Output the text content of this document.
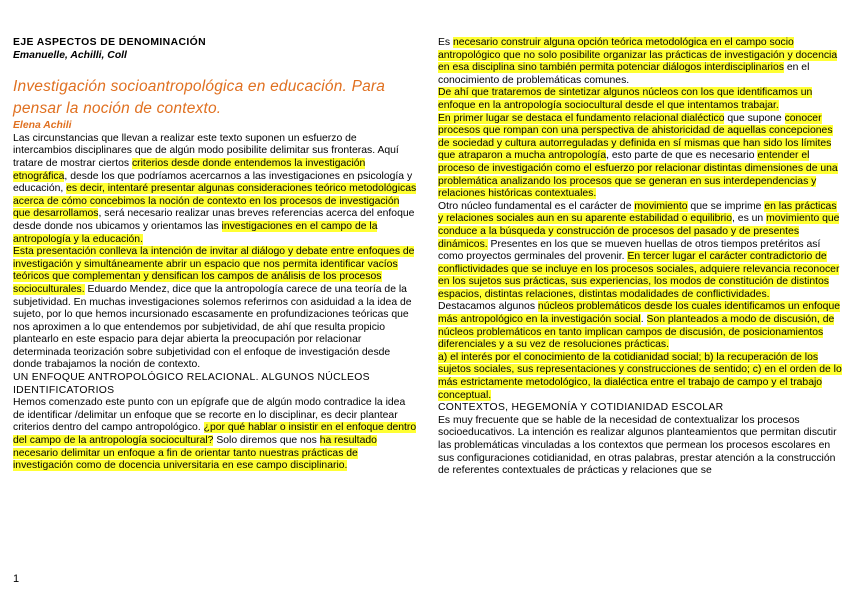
EJE ASPECTOS DE DENOMINACIÓN

Emanuelle, Achilli, Coll

Investigación socioantropológica en educación. Para pensar la noción de contexto.

Elena Achili

Las circunstancias que llevan a realizar este texto suponen un esfuerzo de intercambios disciplinares que de algún modo posibilite delimitar sus fronteras. Aquí tratare de mostrar ciertos criterios desde donde entendemos la investigación etnográfica, desde los que podríamos acercarnos a las investigaciones en psicología y educación, es decir, intentaré presentar algunas consideraciones teórico metodológicas acerca de cómo concebimos la noción de contexto en los procesos de investigación que desarrollamos, será necesario realizar unas breves referencias acerca del enfoque desde donde nos ubicamos y orientamos las investigaciones en el campo de la antropología y la educación.

Esta presentación conlleva la intención de invitar al diálogo y debate entre enfoques de investigación y simultáneamente abrir un espacio que nos permita identificar vacíos teóricos que complementan y densifican los campos de análisis de los procesos socioculturales. Eduardo Mendez, dice que la antropología carece de una teoría de la subjetividad. En muchas investigaciones solemos referirnos con asiduidad a la idea de sujeto, por lo que hemos incursionado escasamente en profundizaciones teóricas que nos aproximen a lo que entendemos por subjetividad, de ahí que resulta propicio plantearlo en este espacio para dejar abierta la preocupación por relacionar determinada teorización sobre subjetividad con el enfoque de investigación desde donde trabajamos la noción de contexto.

UN ENFOQUE ANTROPOLÓGICO RELACIONAL. ALGUNOS NÚCLEOS IDENTIFICATORIOS

Hemos comenzado este punto con un epígrafe que de algún modo contradice la idea de identificar /delimitar un enfoque que se recorte en lo disciplinar, es decir plantear criterios dentro del campo antropológico. ¿por qué hablar o insistir en el enfoque dentro del campo de la antropología sociocultural? Solo diremos que nos ha resultado necesario delimitar un enfoque a fin de orientar tanto nuestras prácticas de investigación como de docencia universitaria en ese campo disciplinario.

Es necesario construir alguna opción teórica metodológica en el campo socio antropológico que no solo posibilite organizar las prácticas de investigación y docencia en esa disciplina sino también permita potenciar diálogos interdisciplinarios en el conocimiento de problemáticas comunes.

De ahí que trataremos de sintetizar algunos núcleos con los que identificamos un enfoque en la antropología sociocultural desde el que intentamos trabajar.

En primer lugar se destaca el fundamento relacional dialéctico que supone conocer procesos que rompan con una perspectiva de ahistoricidad de aquellas concepciones de sociedad y cultura autorreguladas y definida en sí mismas que han sido los límites que atraparon a mucha antropología, esto parte de que es necesario entender el proceso de investigación como el esfuerzo por relacionar distintas dimensiones de una problemática analizando los procesos que se generan en sus interdependencias y relaciones históricas contextuales.

Otro núcleo fundamental es el carácter de movimiento que se imprime en las prácticas y relaciones sociales aun en su aparente estabilidad o equilibrio, es un movimiento que conduce a la búsqueda y construcción de procesos del pasado y de presentes dinámicos. Presentes en los que se mueven huellas de otros tiempos pretéritos así como proyectos germinales del provenir. En tercer lugar el carácter contradictorio de conflictividades que se incluye en los procesos sociales, adquiere relevancia reconocer en los sujetos sus prácticas, sus experiencias, los modos de constitución de distintos espacios, distintas relaciones, distintas modalidades de conflictividades.

Destacamos algunos núcleos problemáticos desde los cuales identificamos un enfoque más antropológico en la investigación social. Son planteados a modo de discusión, de núcleos problemáticos en tanto implican campos de discusión, de posicionamientos diferenciales y a su vez de resoluciones prácticas.

a) el interés por el conocimiento de la cotidianidad social; b) la recuperación de los sujetos sociales, sus representaciones y construcciones de sentido; c) en el orden de lo más estrictamente metodológico, la dialéctica entre el trabajo de campo y el trabajo conceptual.

CONTEXTOS, HEGEMONÍA Y COTIDIANIDAD ESCOLAR

Es muy frecuente que se hable de la necesidad de contextualizar los procesos socioeducativos. La intención es realizar algunos planteamientos que permitan discutir las problemáticas vinculadas a los contextos que permean los procesos escolares en sus configuraciones cotidianidad, en otras palabras, prestar atención a la construcción de referentes contextuales de prácticas y relaciones que se

1
